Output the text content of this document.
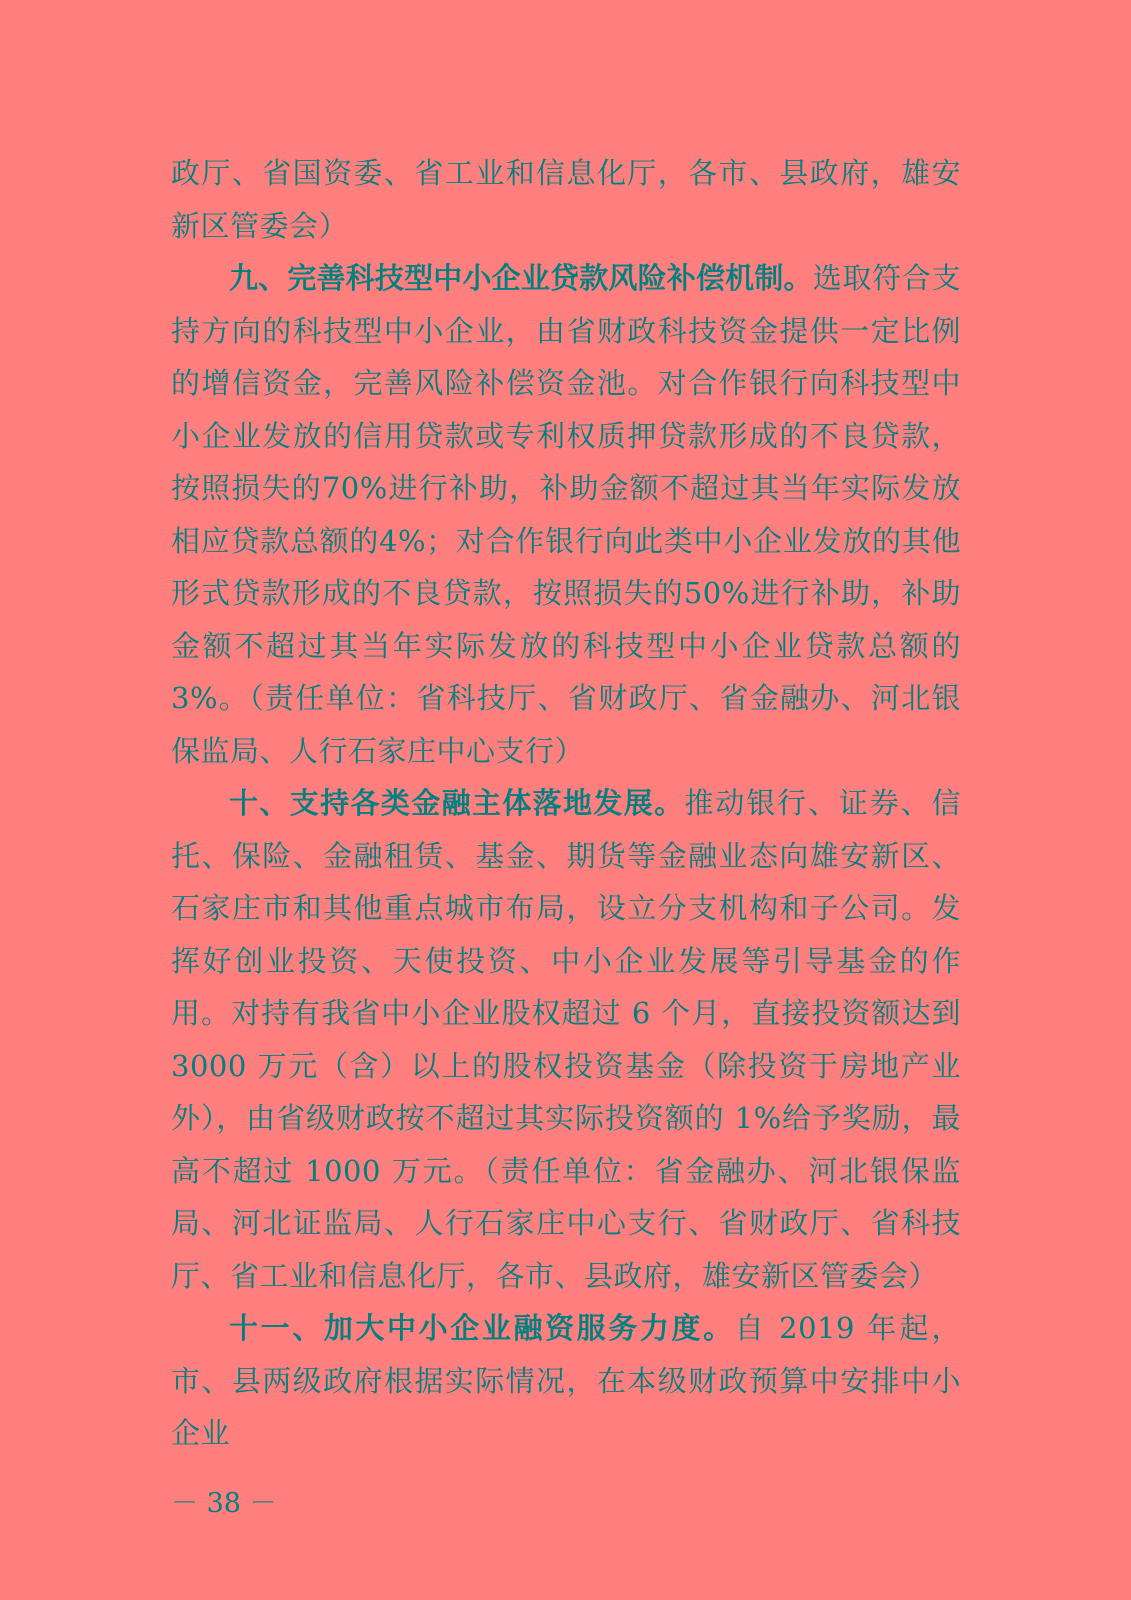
政厅、省国资委、省工业和信息化厅，各市、县政府，雄安新区管委会）

九、完善科技型中小企业贷款风险补偿机制。选取符合支持方向的科技型中小企业，由省财政科技资金提供一定比例的增信资金，完善风险补偿资金池。对合作银行向科技型中小企业发放的信用贷款或专利权质押贷款形成的不良贷款，按照损失的70%进行补助，补助金额不超过其当年实际发放相应贷款总额的4%；对合作银行向此类中小企业发放的其他形式贷款形成的不良贷款，按照损失的50%进行补助，补助金额不超过其当年实际发放的科技型中小企业贷款总额的3%。（责任单位：省科技厅、省财政厅、省金融办、河北银保监局、人行石家庄中心支行）

十、支持各类金融主体落地发展。推动银行、证券、信托、保险、金融租赁、基金、期货等金融业态向雄安新区、石家庄市和其他重点城市布局，设立分支机构和子公司。发挥好创业投资、天使投资、中小企业发展等引导基金的作用。对持有我省中小企业股权超过 6 个月，直接投资额达到 3000 万元（含）以上的股权投资基金（除投资于房地产业外），由省级财政按不超过其实际投资额的 1%给予奖励，最高不超过 1000 万元。（责任单位：省金融办、河北银保监局、河北证监局、人行石家庄中心支行、省财政厅、省科技厅、省工业和信息化厅，各市、县政府，雄安新区管委会）

十一、加大中小企业融资服务力度。自 2019 年起，市、县两级政府根据实际情况，在本级财政预算中安排中小企业

－ 38 －
